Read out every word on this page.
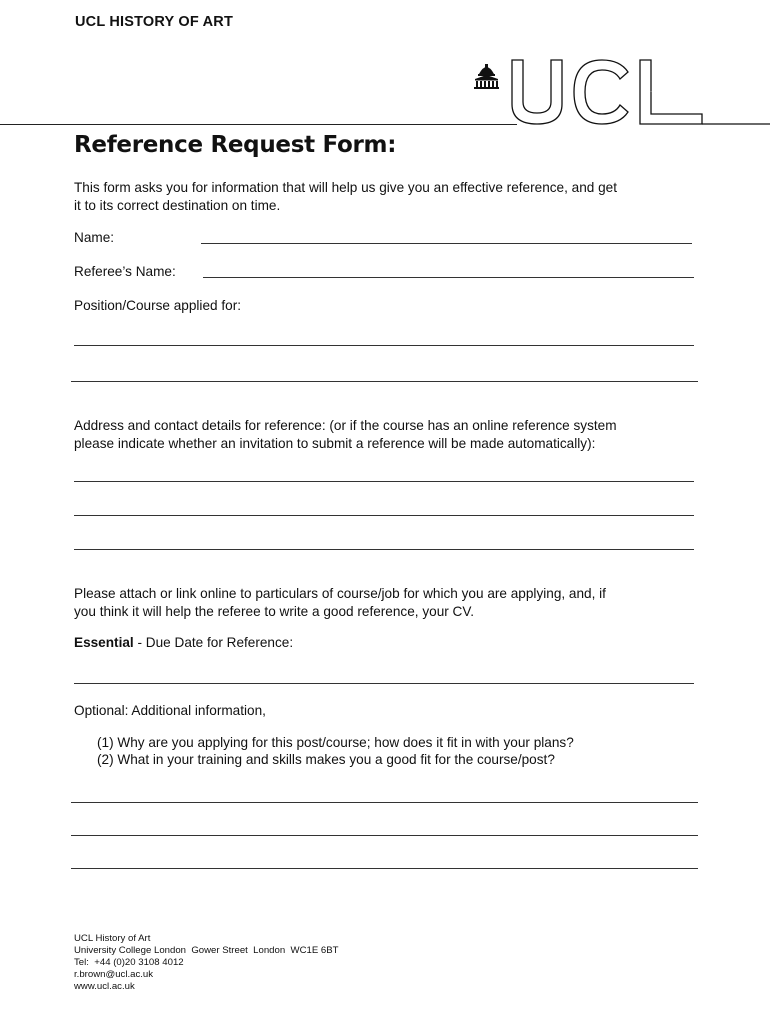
UCL HISTORY OF ART
UCL
Reference Request Form:
This form asks you for information that will help us give you an effective reference, and get
it to its correct destination on time.
Name:
Referee’s Name:
Position/Course applied for:
Address and contact details for reference: (or if the course has an online reference system
please indicate whether an invitation to submit a reference will be made automatically):
Please attach or link online to particulars of course/job for which you are applying, and, if
you think it will help the referee to write a good reference, your CV.
Essential - Due Date for Reference:
Optional: Additional information,
(1) Why are you applying for this post/course; how does it fit in with your plans?
(2) What in your training and skills makes you a good fit for the course/post?
UCL History of Art
University College London  Gower Street  London  WC1E 6BT
Tel:  +44 (0)20 3108 4012
r.brown@ucl.ac.uk
www.ucl.ac.uk
